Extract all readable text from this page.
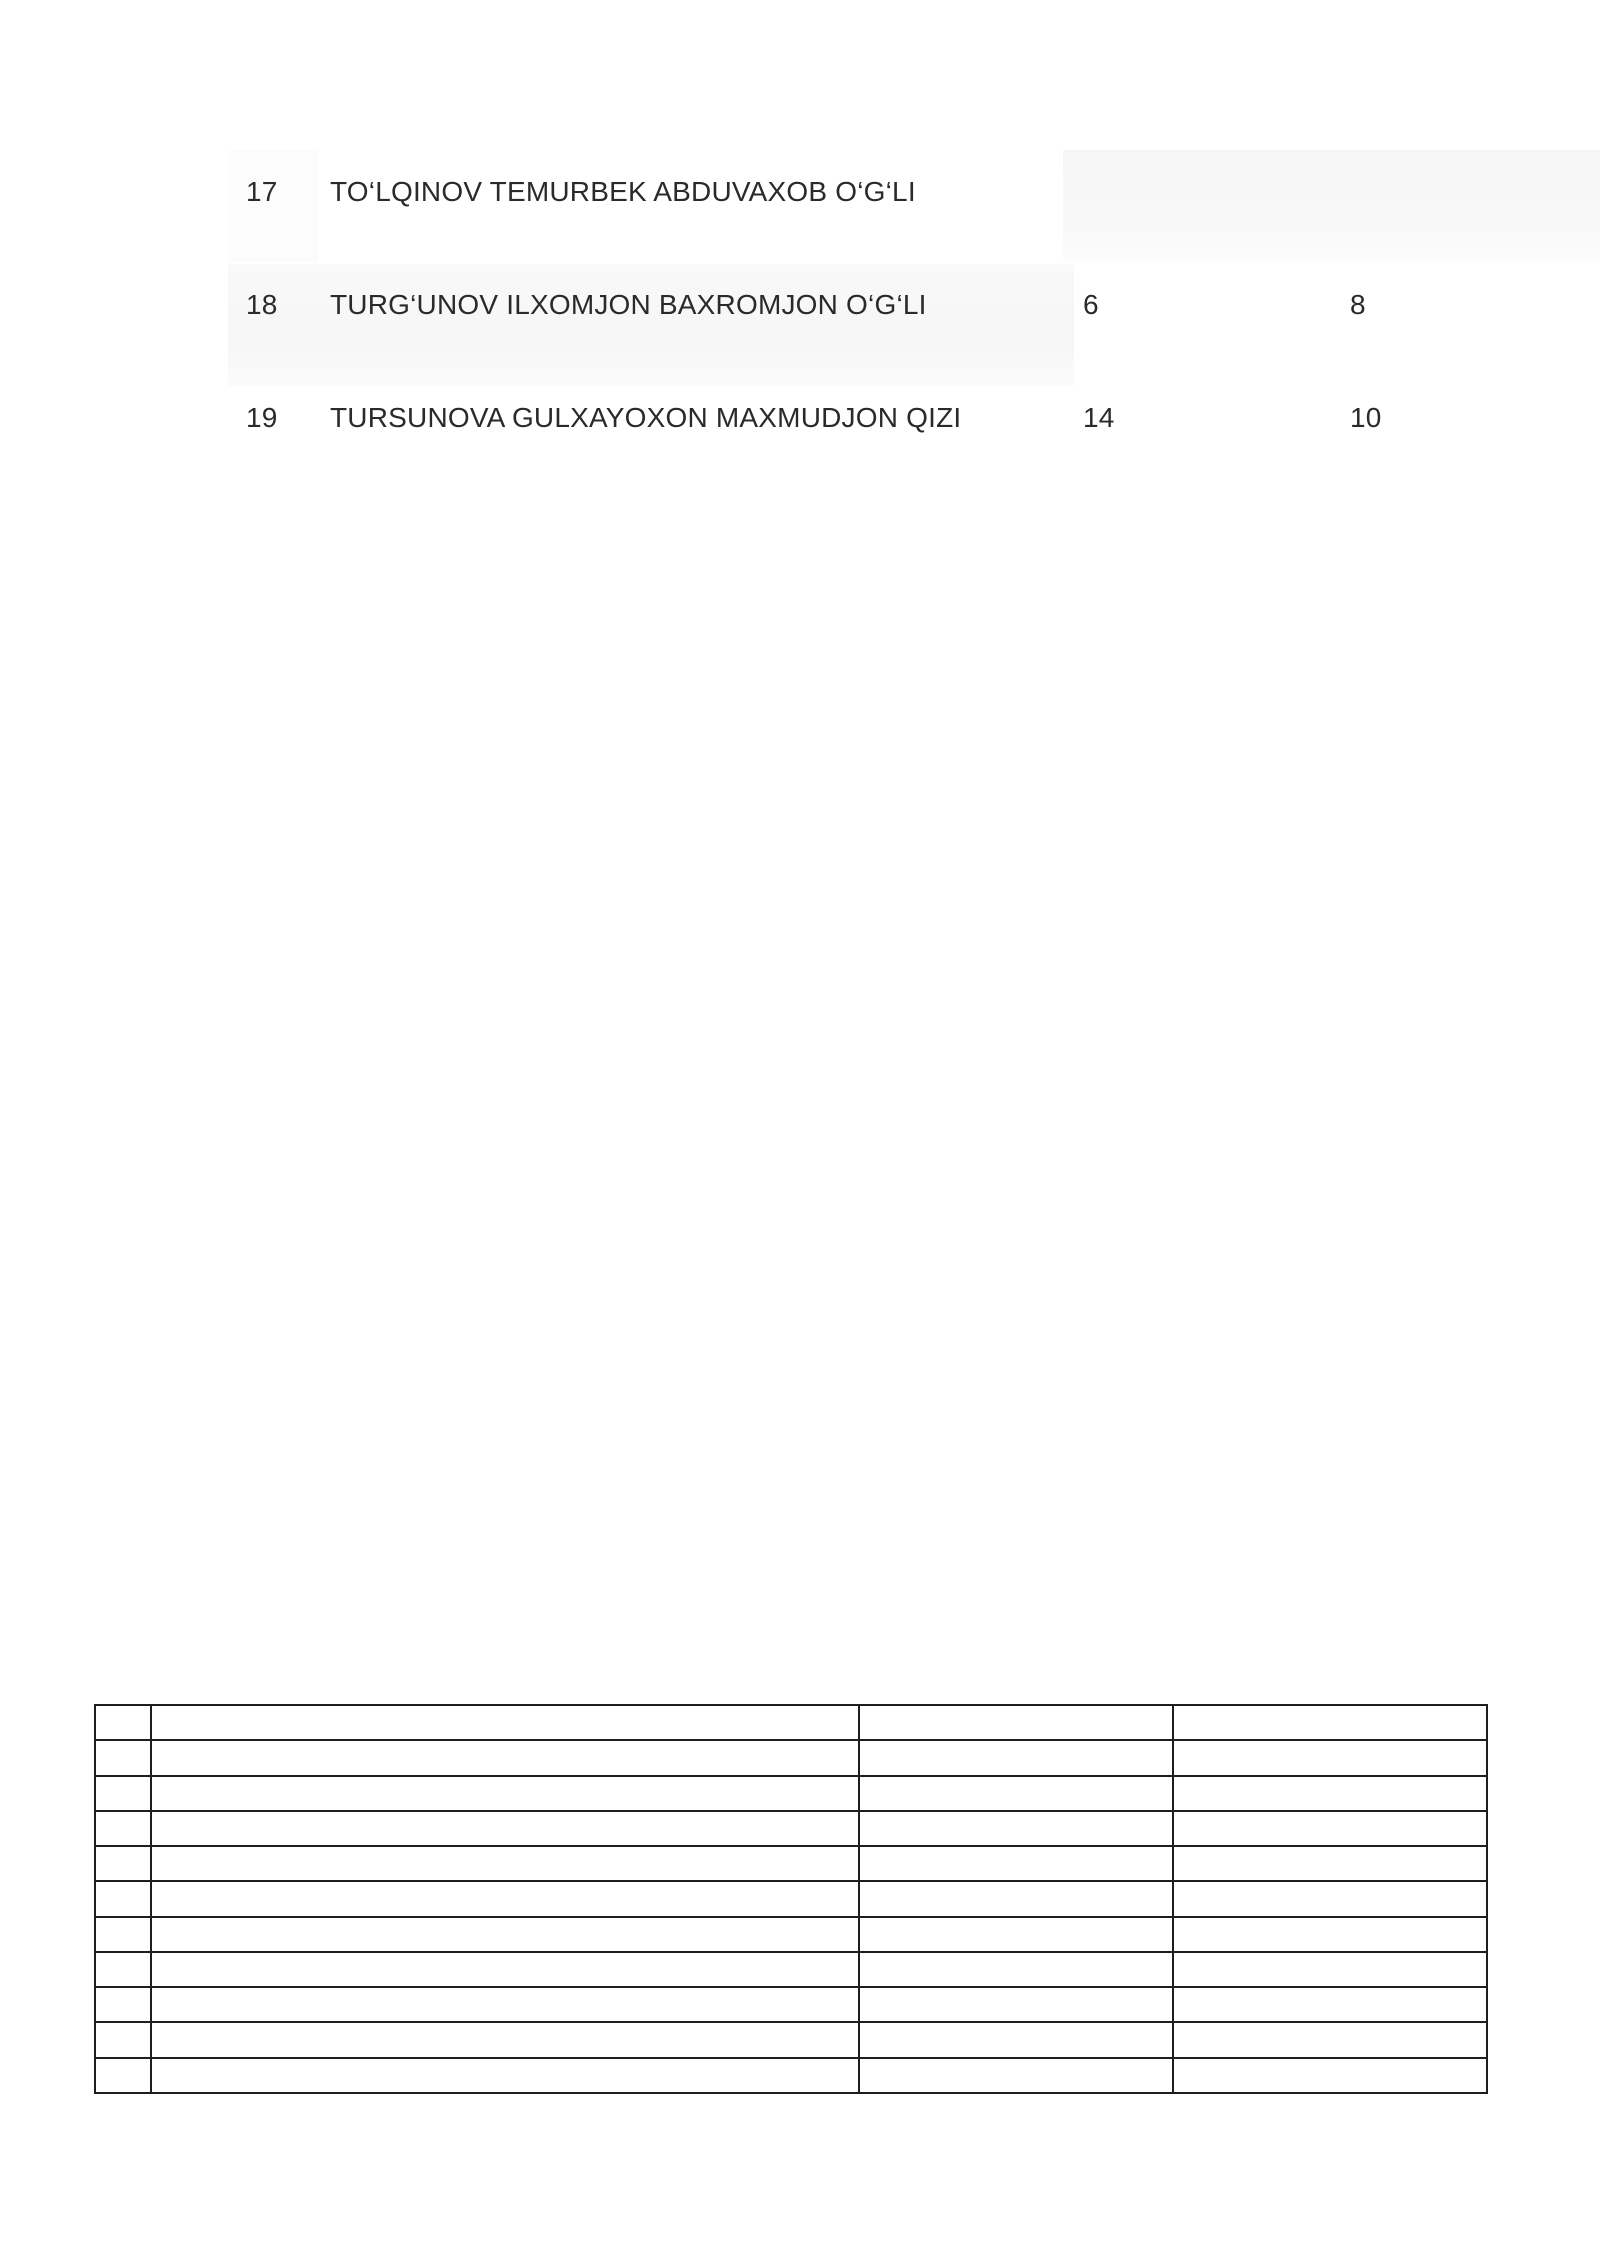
17 TO‘LQINOV TEMURBEK ABDUVAXOB O‘G‘LI
18 TURG‘UNOV ILXOMJON BAXROMJON O‘G‘LI	6	8
19 TURSUNOVA GULXAYOXON MAXMUDJON QIZI	14	10
